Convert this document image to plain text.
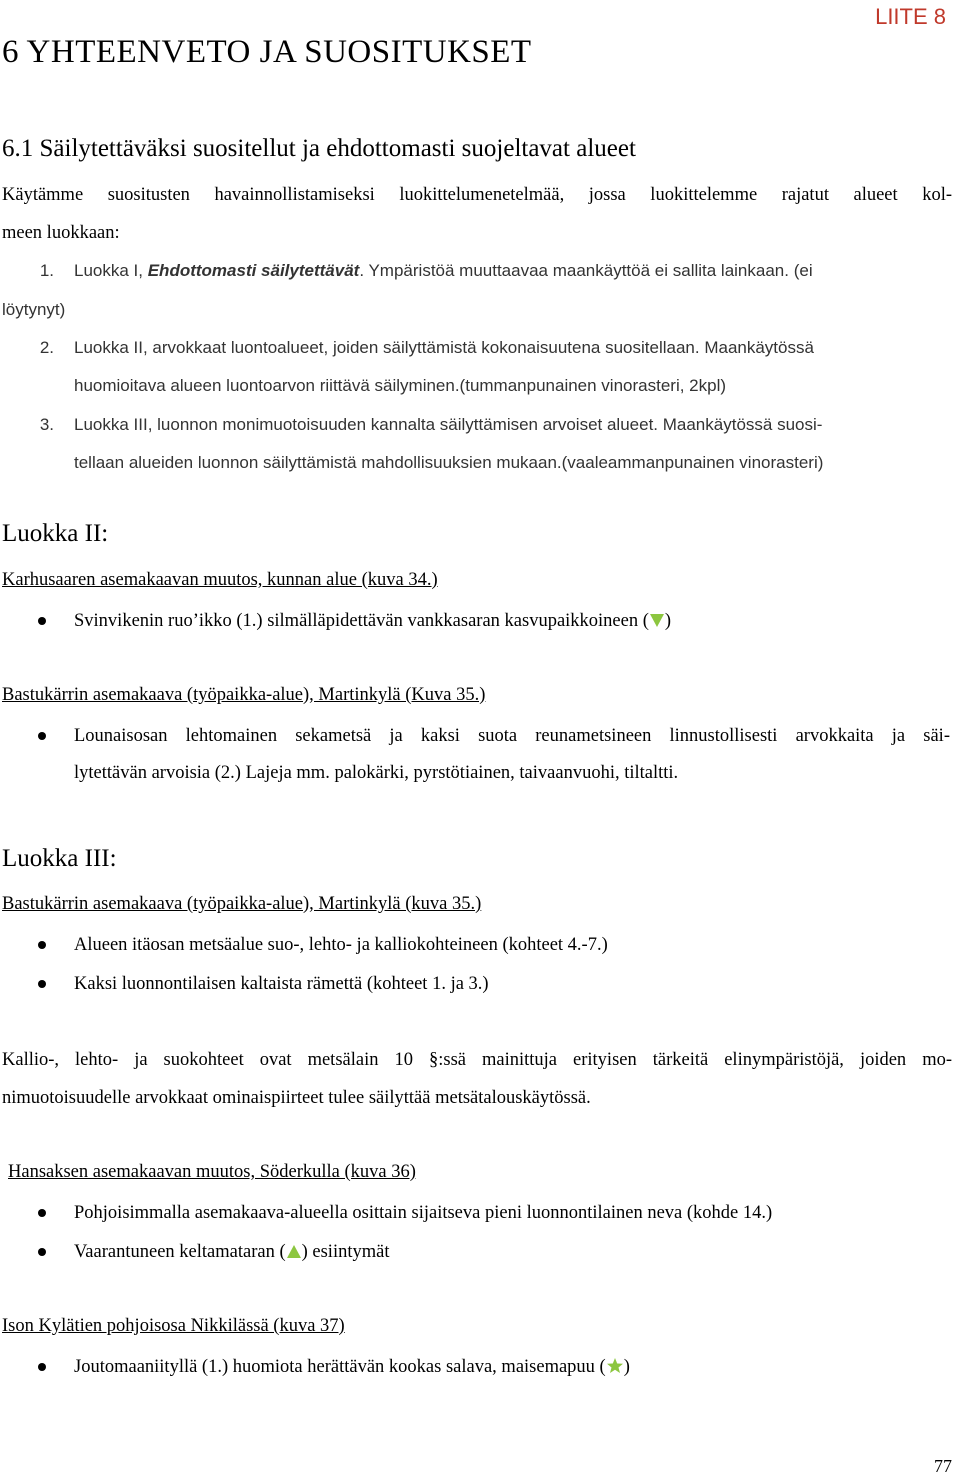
LIITE 8
6 YHTEENVETO JA SUOSITUKSET
6.1 Säilytettäväksi suositellut ja ehdottomasti suojeltavat alueet
Käytämme suositusten havainnollistamiseksi luokittelumenetelmää, jossa luokittelemme rajatut alueet kol-
meen luokkaan:
1. Luokka I, Ehdottomasti säilytettävät. Ympäristöä muuttaavaa maankäyttöä ei sallita lainkaan. (ei
löytynyt)
2. Luokka II, arvokkaat luontoalueet, joiden säilyttämistä kokonaisuutena suositellaan. Maankäytössä
huomioitava alueen luontoarvon riittävä säilyminen.(tummanpunainen vinorasteri, 2kpl)
3. Luokka III, luonnon monimuotoisuuden kannalta säilyttämisen arvoiset alueet. Maankäytössä suosi-
tellaan alueiden luonnon säilyttämistä mahdollisuuksien mukaan.(vaaleammanpunainen vinorasteri)
Luokka II:
Karhusaaren asemakaavan muutos, kunnan alue (kuva 34.)
Svinvikenin ruo’ikko (1.) silmälläpidettävän vankkasaran kasvupaikkoineen ( )
Bastukärrin asemakaava (työpaikka-alue), Martinkylä (Kuva 35.)
Lounaisosan lehtomainen sekametsä ja kaksi suota reunametsineen linnustollisesti arvokkaita ja säi-
lytettävän arvoisia (2.) Lajeja mm. palokärki, pyrstötiainen, taivaanvuohi, tiltaltti.
Luokka III:
Bastukärrin asemakaava (työpaikka-alue), Martinkylä (kuva 35.)
Alueen itäosan metsäalue suo-, lehto- ja kalliokohteineen (kohteet 4.-7.)
Kaksi luonnontilaisen kaltaista rämettä (kohteet 1. ja 3.)
Kallio-, lehto- ja suokohteet ovat metsälain 10 §:ssä mainittuja erityisen tärkeitä elinympäristöjä, joiden mo-
nimuotoisuudelle arvokkaat ominaispiirteet tulee säilyttää metsätalouskäytössä.
Hansaksen asemakaavan muutos, Söderkulla (kuva 36)
Pohjoisimmalla asemakaava-alueella osittain sijaitseva pieni luonnontilainen neva (kohde 14.)
Vaarantuneen keltamataran ( ) esiintymät
Ison Kylätien pohjoisosa Nikkilässä (kuva 37)
Joutomaaniityllä (1.) huomiota herättävän kookas salava, maisemapuu ( )
77
